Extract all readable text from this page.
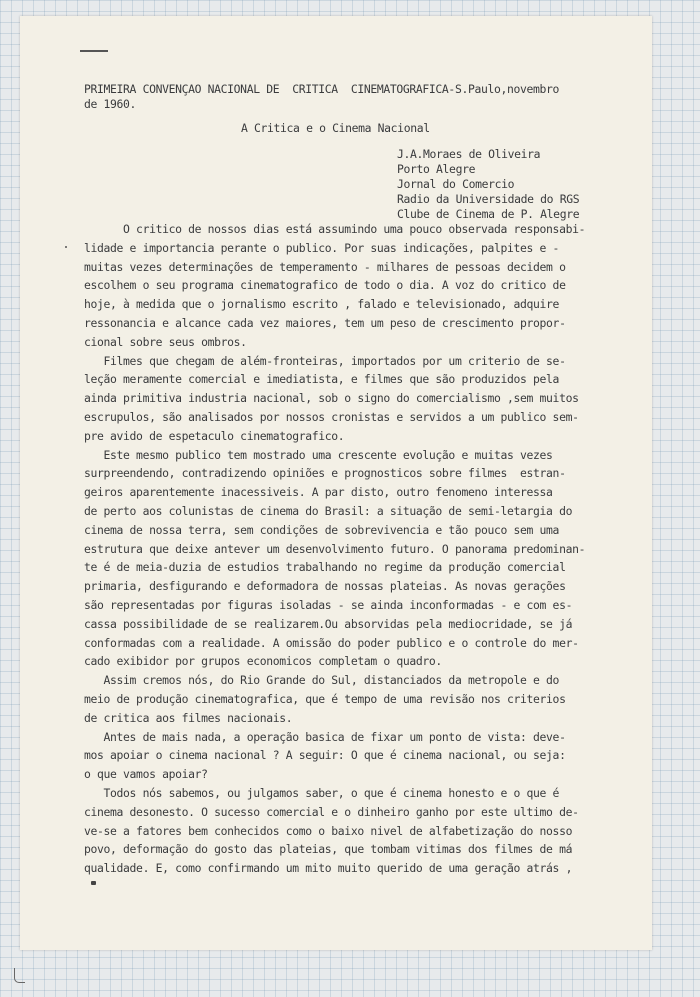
PRIMEIRA CONVENÇAO NACIONAL DE  CRITICA  CINEMATOGRAFICA-S.Paulo,novembro
de 1960.
A Critica e o Cinema Nacional
J.A.Moraes de Oliveira
Porto Alegre
Jornal do Comercio
Radio da Universidade do RGS
Clube de Cinema de P. Alegre
O critico de nossos dias está assumindo uma pouco observada responsabi-
lidade e importancia perante o publico. Por suas indicações, palpites e -
muitas vezes determinações de temperamento - milhares de pessoas decidem o
escolhem o seu programa cinematografico de todo o dia. A voz do critico de
hoje, à medida que o jornalismo escrito , falado e televisionado, adquire
ressonancia e alcance cada vez maiores, tem um peso de crescimento propor-
cional sobre seus ombros.
Filmes que chegam de além-fronteiras, importados por um criterio de se-
leção meramente comercial e imediatista, e filmes que são produzidos pela
ainda primitiva industria nacional, sob o signo do comercialismo ,sem muitos
escrupulos, são analisados por nossos cronistas e servidos a um publico sem-
pre avido de espetaculo cinematografico.
Este mesmo publico tem mostrado uma crescente evolução e muitas vezes
surpreendendo, contradizendo opiniões e prognosticos sobre filmes  estran-
geiros aparentemente inacessiveis. A par disto, outro fenomeno interessa
de perto aos colunistas de cinema do Brasil: a situação de semi-letargia do
cinema de nossa terra, sem condições de sobrevivencia e tão pouco sem uma
estrutura que deixe antever um desenvolvimento futuro. O panorama predominan-
te é de meia-duzia de estudios trabalhando no regime da produção comercial
primaria, desfigurando e deformadora de nossas plateias. As novas gerações
são representadas por figuras isoladas - se ainda inconformadas - e com es-
cassa possibilidade de se realizarem.Ou absorvidas pela mediocridade, se já
conformadas com a realidade. A omissão do poder publico e o controle do mer-
cado exibidor por grupos economicos completam o quadro.
Assim cremos nós, do Rio Grande do Sul, distanciados da metropole e do
meio de produção cinematografica, que é tempo de uma revisão nos criterios
de critica aos filmes nacionais.
Antes de mais nada, a operação basica de fixar um ponto de vista: deve-
mos apoiar o cinema nacional ? A seguir: O que é cinema nacional, ou seja:
o que vamos apoiar?
Todos nós sabemos, ou julgamos saber, o que é cinema honesto e o que é
cinema desonesto. O sucesso comercial e o dinheiro ganho por este ultimo de-
ve-se a fatores bem conhecidos como o baixo nivel de alfabetização do nosso
povo, deformação do gosto das plateias, que tombam vitimas dos filmes de má
qualidade. E, como confirmando um mito muito querido de uma geração atrás ,
